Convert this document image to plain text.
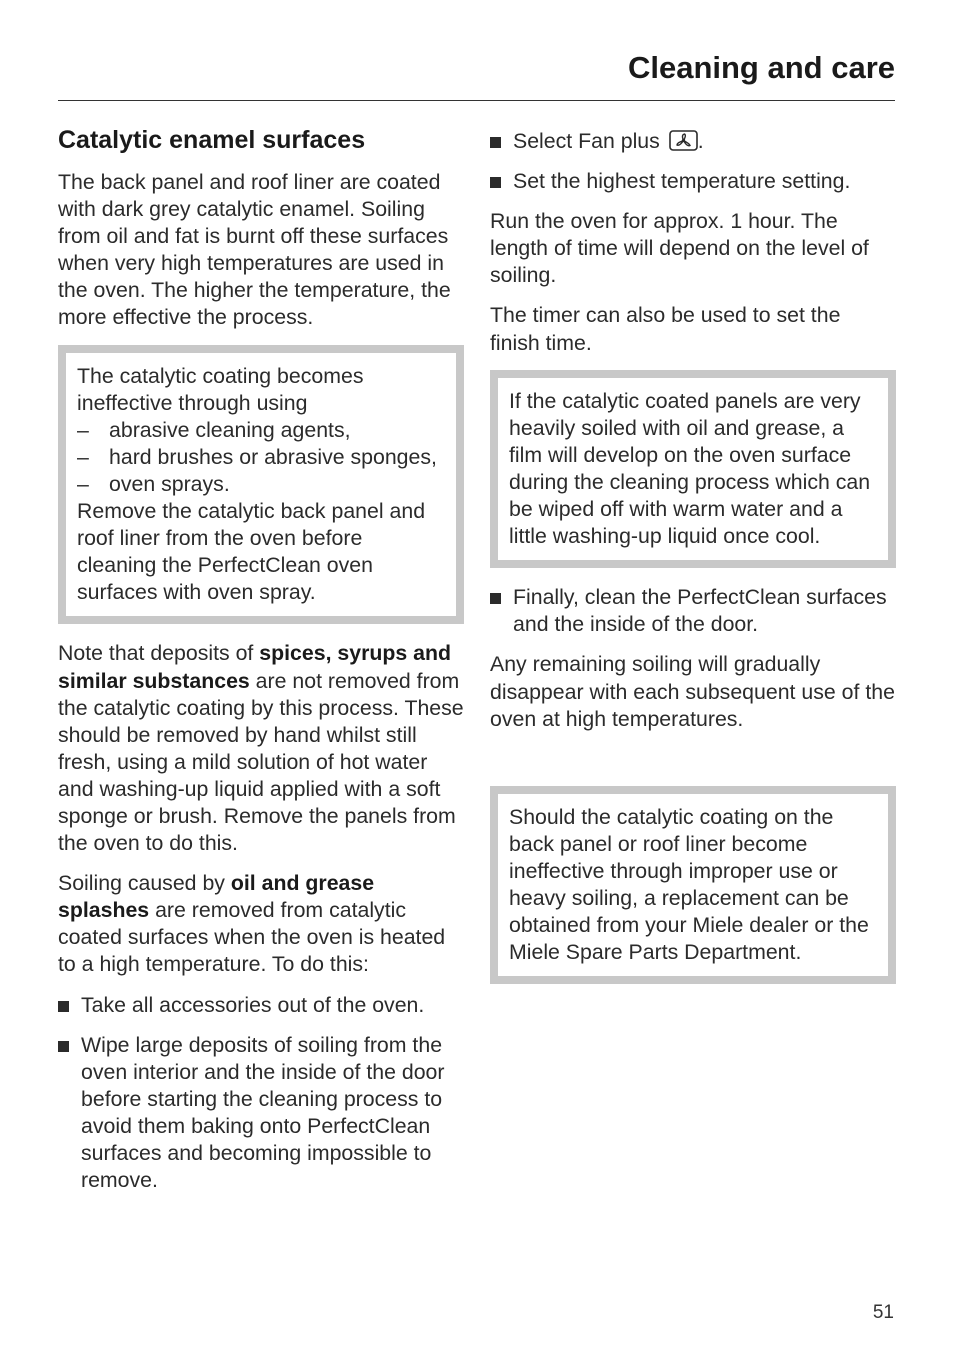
Cleaning and care
Catalytic enamel surfaces

The back panel and roof liner are coated with dark grey catalytic enamel. Soiling from oil and fat is burnt off these surfaces when very high temperatures are used in the oven. The higher the temperature, the more effective the process.

The catalytic coating becomes ineffective through using

– abrasive cleaning agents,
– hard brushes or abrasive sponges,
– oven sprays.

Remove the catalytic back panel and roof liner from the oven before cleaning the PerfectClean oven surfaces with oven spray.

Note that deposits of spices, syrups and similar substances are not removed from the catalytic coating by this process. These should be removed by hand whilst still fresh, using a mild solution of hot water and washing-up liquid applied with a soft sponge or brush. Remove the panels from the oven to do this.

Soiling caused by oil and grease splashes are removed from catalytic coated surfaces when the oven is heated to a high temperature. To do this:

Take all accessories out of the oven.
Wipe large deposits of soiling from the oven interior and the inside of the door before starting the cleaning process to avoid them baking onto PerfectClean surfaces and becoming impossible to remove.
Select Fan plus .
Set the highest temperature setting.

Run the oven for approx. 1 hour. The length of time will depend on the level of soiling.

The timer can also be used to set the finish time.

If the catalytic coated panels are very heavily soiled with oil and grease, a film will develop on the oven surface during the cleaning process which can be wiped off with warm water and a little washing-up liquid once cool.

Finally, clean the PerfectClean surfaces and the inside of the door.

Any remaining soiling will gradually disappear with each subsequent use of the oven at high temperatures.

Should the catalytic coating on the back panel or roof liner become ineffective through improper use or heavy soiling, a replacement can be obtained from your Miele dealer or the Miele Spare Parts Department.

51
